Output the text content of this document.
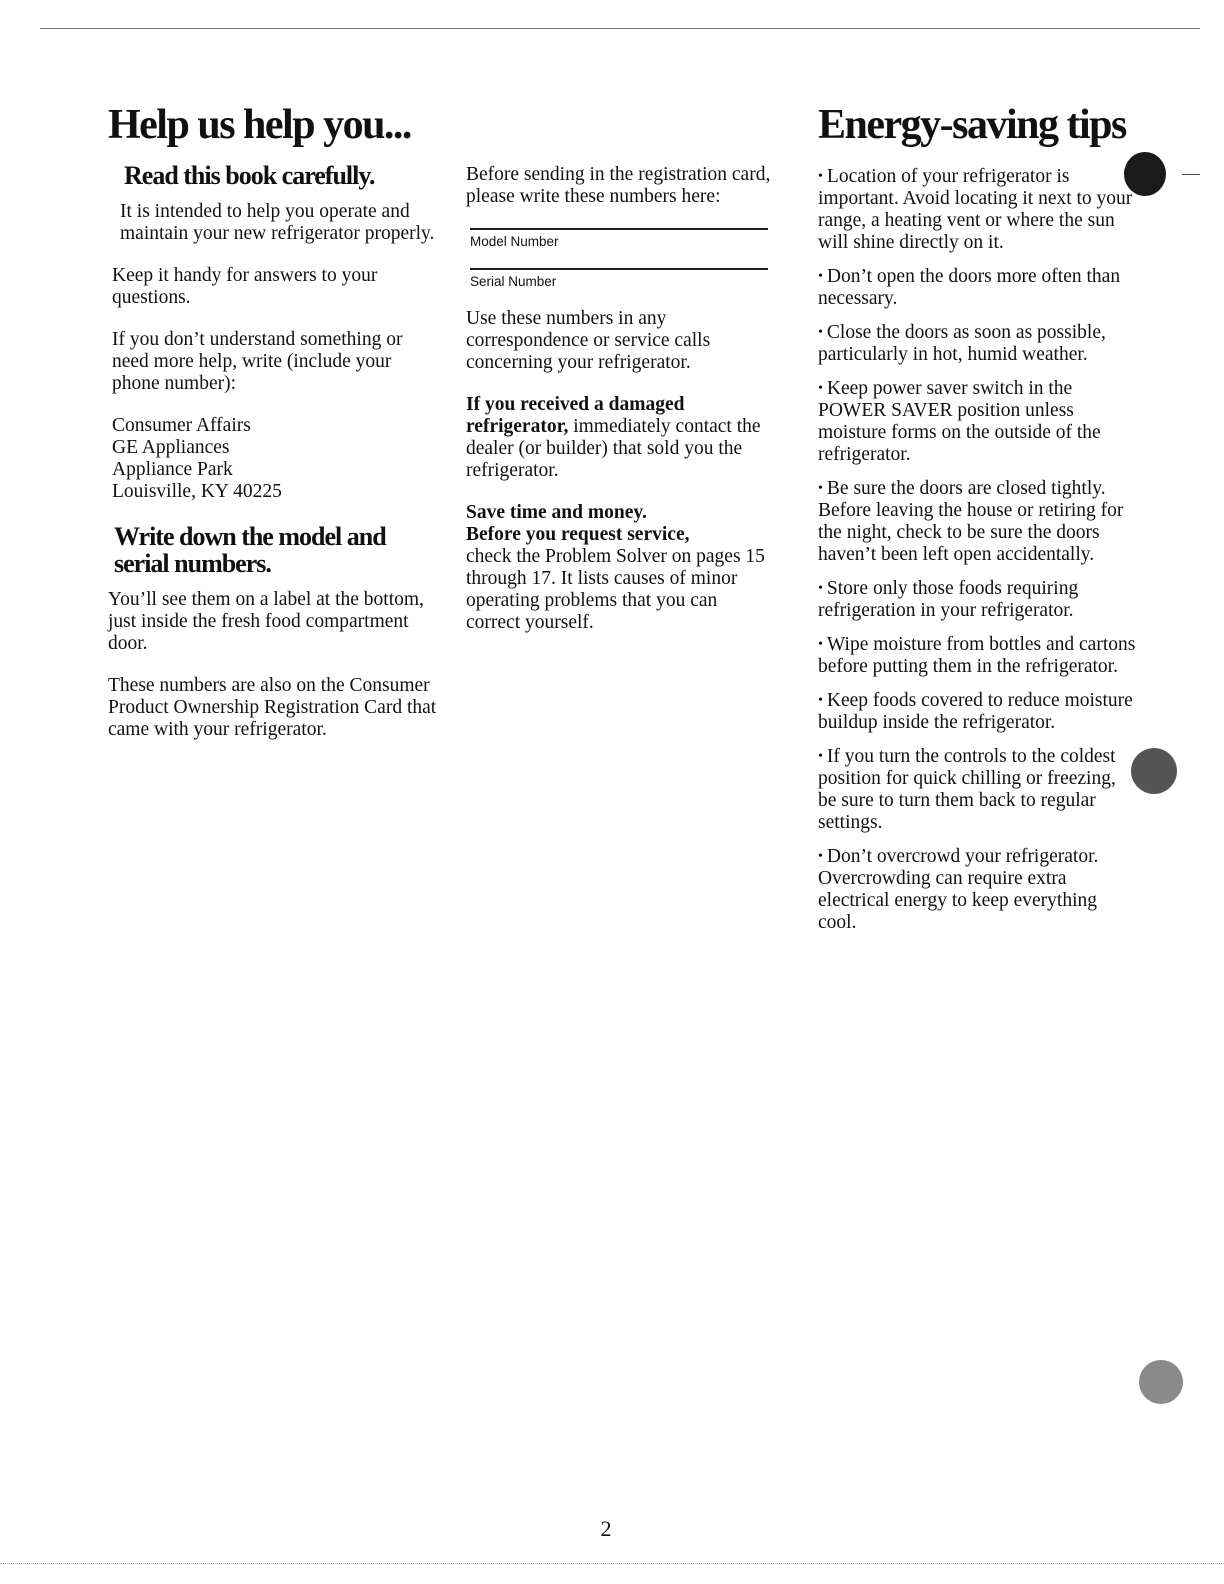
Help us help you...
Read this book carefully.

It is intended to help you operate and maintain your new refrigerator properly.

Keep it handy for answers to your questions.

If you don’t understand something or need more help, write (include your phone number):

Consumer Affairs
GE Appliances
Appliance Park
Louisville, KY 40225

Write down the model and serial numbers.

You’ll see them on a label at the bottom, just inside the fresh food compartment door.

These numbers are also on the Consumer Product Ownership Registration Card that came with your refrigerator.

Before sending in the registration card, please write these numbers here:

Model Number
Serial Number

Use these numbers in any correspondence or service calls concerning your refrigerator.

If you received a damaged refrigerator, immediately contact the dealer (or builder) that sold you the refrigerator.

Save time and money.
Before you request service,
check the Problem Solver on pages 15 through 17. It lists causes of minor operating problems that you can correct yourself.

Energy-saving tips

• Location of your refrigerator is important. Avoid locating it next to your range, a heating vent or where the sun will shine directly on it.

• Don’t open the doors more often than necessary.

• Close the doors as soon as possible, particularly in hot, humid weather.

• Keep power saver switch in the POWER SAVER position unless moisture forms on the outside of the refrigerator.

• Be sure the doors are closed tightly. Before leaving the house or retiring for the night, check to be sure the doors haven’t been left open accidentally.

• Store only those foods requiring refrigeration in your refrigerator.

• Wipe moisture from bottles and cartons before putting them in the refrigerator.

• Keep foods covered to reduce moisture buildup inside the refrigerator.

• If you turn the controls to the coldest position for quick chilling or freezing, be sure to turn them back to regular settings.

• Don’t overcrowd your refrigerator. Overcrowding can require extra electrical energy to keep everything cool.

2
